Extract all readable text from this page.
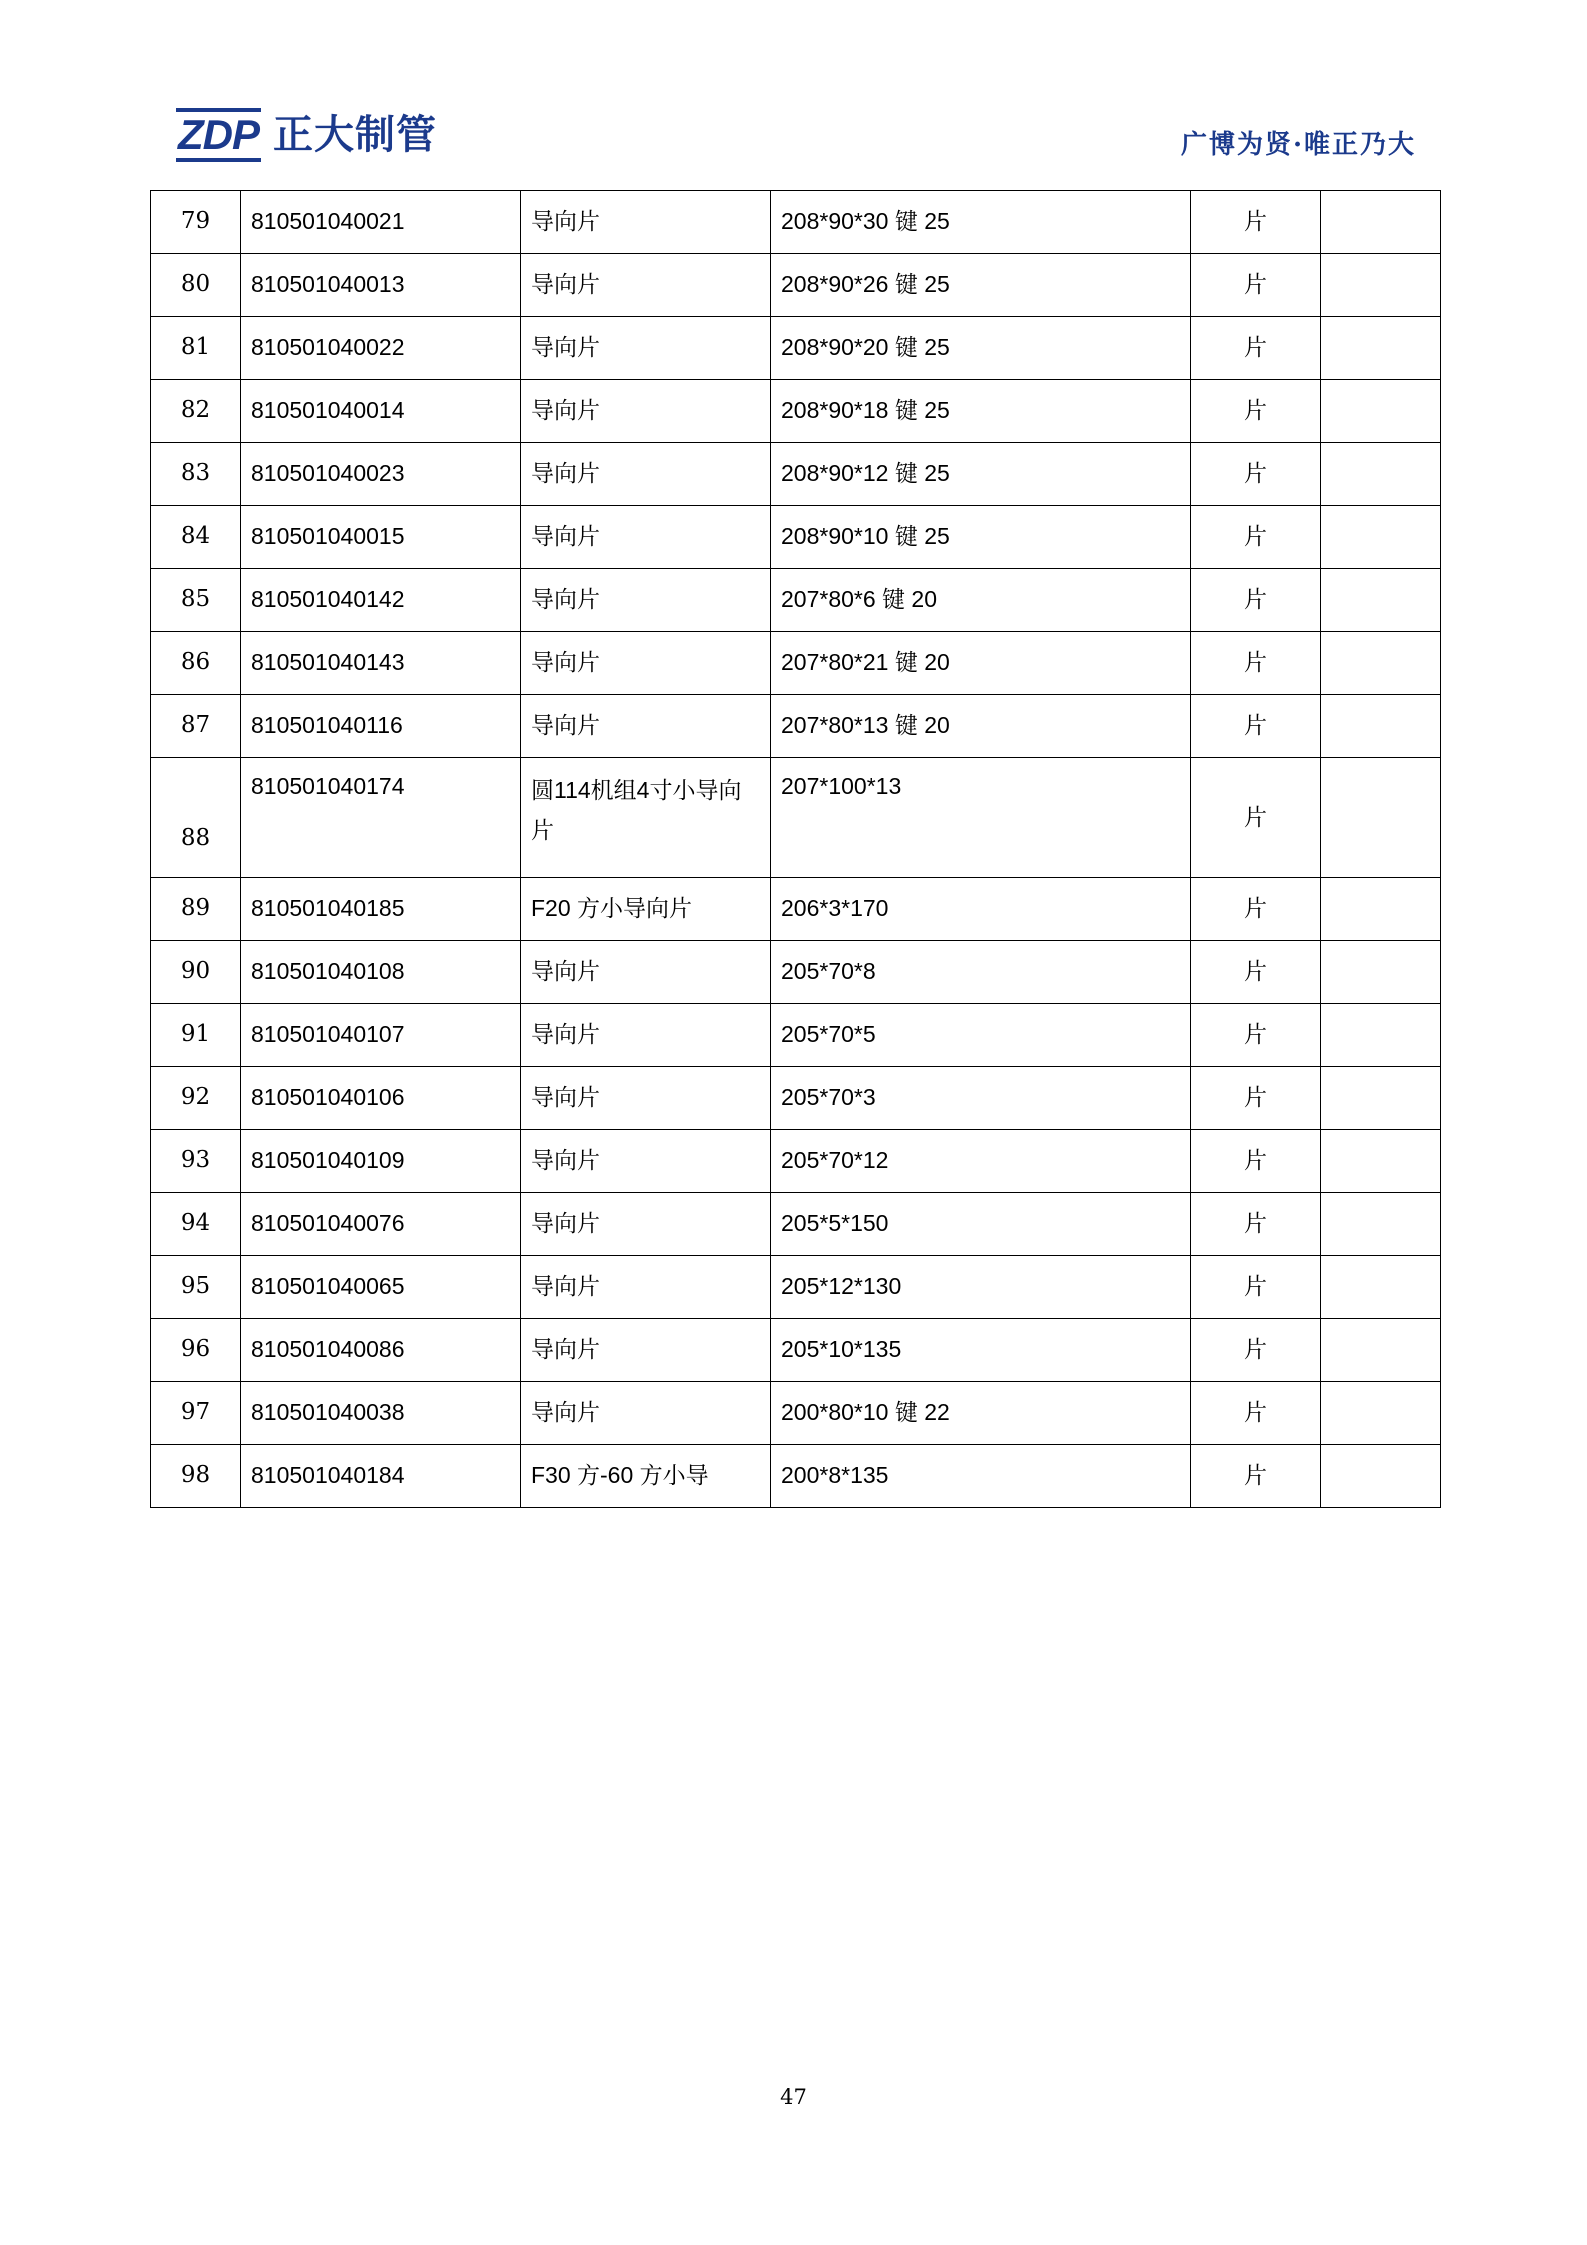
ZDP 正大制管	广博为贤·唯正乃大
79	810501040021	导向片	208*90*30 键 25	片	
80	810501040013	导向片	208*90*26 键 25	片	
81	810501040022	导向片	208*90*20 键 25	片	
82	810501040014	导向片	208*90*18 键 25	片	
83	810501040023	导向片	208*90*12 键 25	片	
84	810501040015	导向片	208*90*10 键 25	片	
85	810501040142	导向片	207*80*6 键 20	片	
86	810501040143	导向片	207*80*21 键 20	片	
87	810501040116	导向片	207*80*13 键 20	片	
88	810501040174	圆114机组4寸小导向片	207*100*13	片	
89	810501040185	F20 方小导向片	206*3*170	片	
90	810501040108	导向片	205*70*8	片	
91	810501040107	导向片	205*70*5	片	
92	810501040106	导向片	205*70*3	片	
93	810501040109	导向片	205*70*12	片	
94	810501040076	导向片	205*5*150	片	
95	810501040065	导向片	205*12*130	片	
96	810501040086	导向片	205*10*135	片	
97	810501040038	导向片	200*80*10 键 22	片	
98	810501040184	F30 方-60 方小导	200*8*135	片	
47
